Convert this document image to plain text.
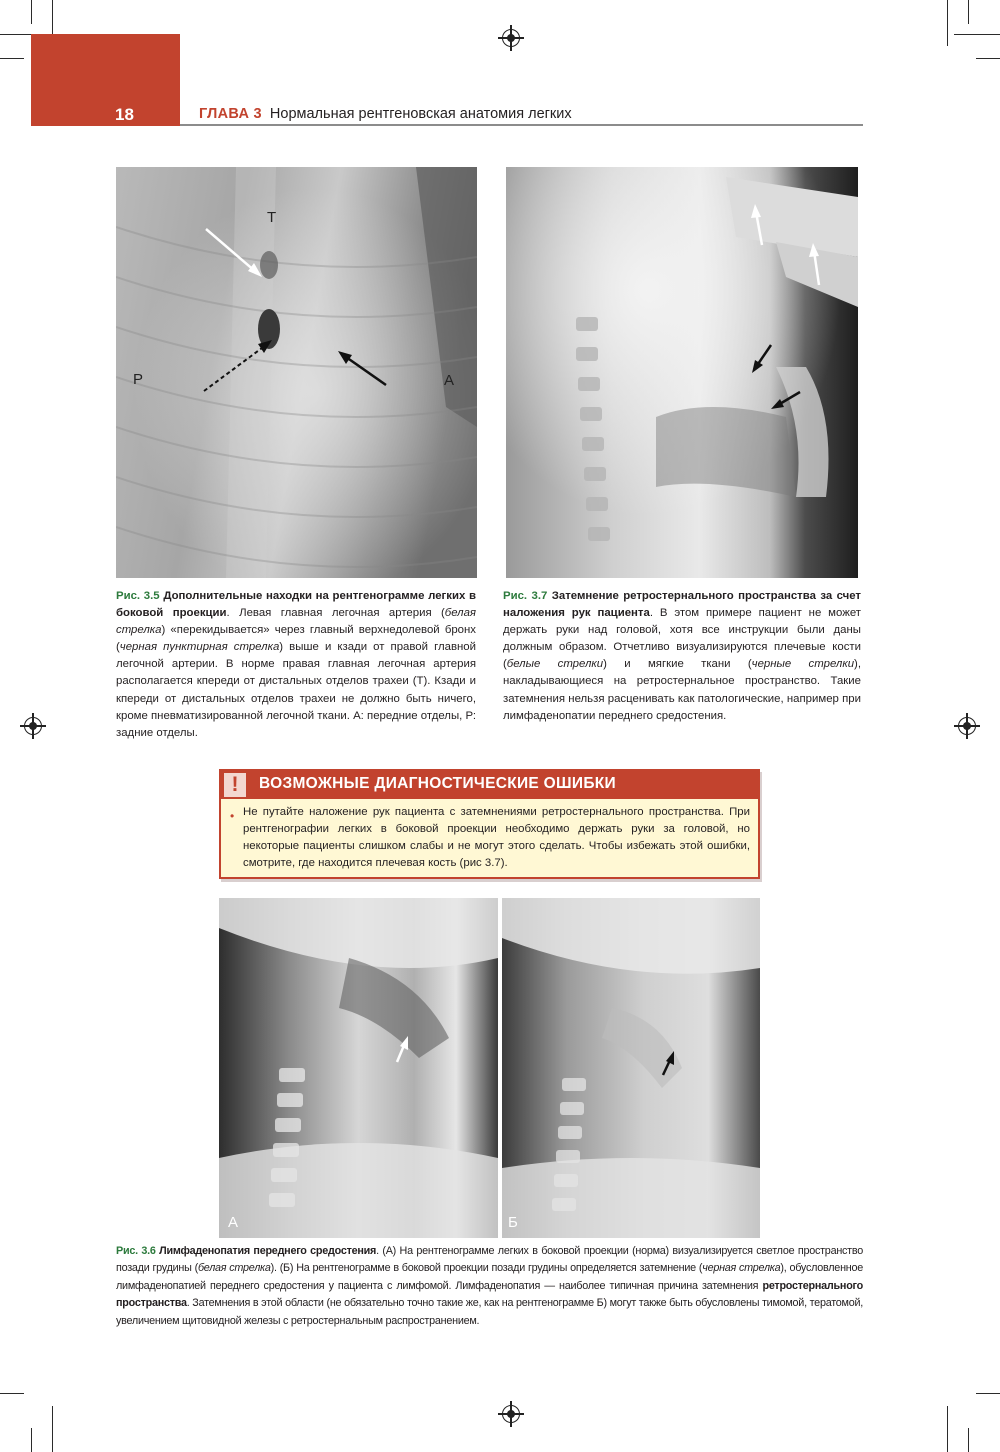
18	ГЛАВА 3 Нормальная рентгеновская анатомия легких
T
P	A
Рис. 3.5 Дополнительные находки на рентгенограмме легких в боковой проекции. Левая главная легочная артерия (белая стрелка) «перекидывается» через главный верхнедолевой бронх (черная пунктирная стрелка) выше и кзади от правой главной легочной артерии. В норме правая главная легочная артерия располагается кпереди от дистальных отделов трахеи (Т). Кзади и кпереди от дистальных отделов трахеи не должно быть ничего, кроме пневматизированной легочной ткани. А: передние отделы, Р: задние отделы.
Рис. 3.7 Затемнение ретростернального пространства за счет наложения рук пациента. В этом примере пациент не может держать руки над головой, хотя все инструкции были даны должным образом. Отчетливо визуализируются плечевые кости (белые стрелки) и мягкие ткани (черные стрелки), накладывающиеся на ретростернальное пространство. Такие затемнения нельзя расценивать как патологические, например при лимфаденопатии переднего средостения.
!	ВОЗМОЖНЫЕ ДИАГНОСТИЧЕСКИЕ ОШИБКИ
• Не путайте наложение рук пациента с затемнениями ретростернального пространства. При рентгенографии легких в боковой проекции необходимо держать руки за головой, но некоторые пациенты слишком слабы и не могут этого сделать. Чтобы избежать этой ошибки, смотрите, где находится плечевая кость (рис 3.7).
А	Б
Рис. 3.6 Лимфаденопатия переднего средостения. (А) На рентгенограмме легких в боковой проекции (норма) визуализируется светлое пространство позади грудины (белая стрелка). (Б) На рентгенограмме в боковой проекции позади грудины определяется затемнение (черная стрелка), обусловленное лимфаденопатией переднего средостения у пациента с лимфомой. Лимфаденопатия — наиболее типичная причина затемнения ретростернального пространства. Затемнения в этой области (не обязательно точно такие же, как на рентгенограмме Б) могут также быть обусловлены тимомой, тератомой, увеличением щитовидной железы с ретростернальным распространением.
